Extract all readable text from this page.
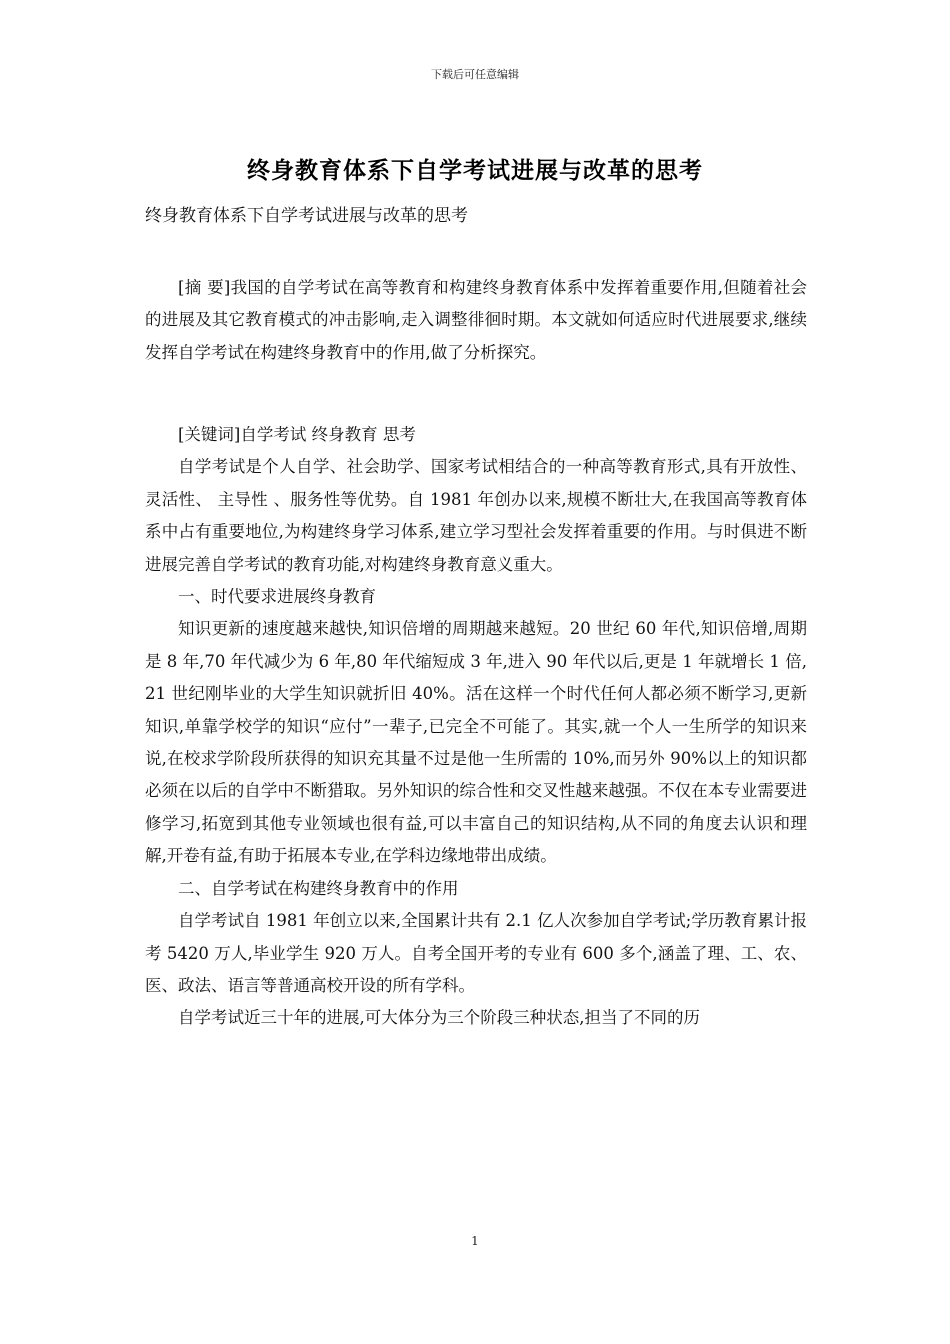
下载后可任意编辑
终身教育体系下自学考试进展与改革的思考
终身教育体系下自学考试进展与改革的思考

[摘 要]我国的自学考试在高等教育和构建终身教育体系中发挥着重要作用,但随着社会的进展及其它教育模式的冲击影响,走入调整徘徊时期。本文就如何适应时代进展要求,继续发挥自学考试在构建终身教育中的作用,做了分析探究。

[关键词]自学考试 终身教育 思考

自学考试是个人自学、社会助学、国家考试相结合的一种高等教育形式,具有开放性、灵活性、 主导性 、服务性等优势。自 1981 年创办以来,规模不断壮大,在我国高等教育体系中占有重要地位,为构建终身学习体系,建立学习型社会发挥着重要的作用。与时俱进不断进展完善自学考试的教育功能,对构建终身教育意义重大。

一、时代要求进展终身教育

知识更新的速度越来越快,知识倍增的周期越来越短。20 世纪 60 年代,知识倍增,周期是 8 年,70 年代减少为 6 年,80 年代缩短成 3 年,进入 90 年代以后,更是 1 年就增长 1 倍,21 世纪刚毕业的大学生知识就折旧 40%。活在这样一个时代任何人都必须不断学习,更新知识,单靠学校学的知识“应付”一辈子,已完全不可能了。其实,就一个人一生所学的知识来说,在校求学阶段所获得的知识充其量不过是他一生所需的 10%,而另外 90%以上的知识都必须在以后的自学中不断猎取。另外知识的综合性和交叉性越来越强。不仅在本专业需要进修学习,拓宽到其他专业领域也很有益,可以丰富自己的知识结构,从不同的角度去认识和理解,开卷有益,有助于拓展本专业,在学科边缘地带出成绩。

二、自学考试在构建终身教育中的作用

自学考试自 1981 年创立以来,全国累计共有 2.1 亿人次参加自学考试;学历教育累计报考 5420 万人,毕业学生 920 万人。自考全国开考的专业有 600 多个,涵盖了理、工、农、医、政法、语言等普通高校开设的所有学科。

自学考试近三十年的进展,可大体分为三个阶段三种状态,担当了不同的历

1
